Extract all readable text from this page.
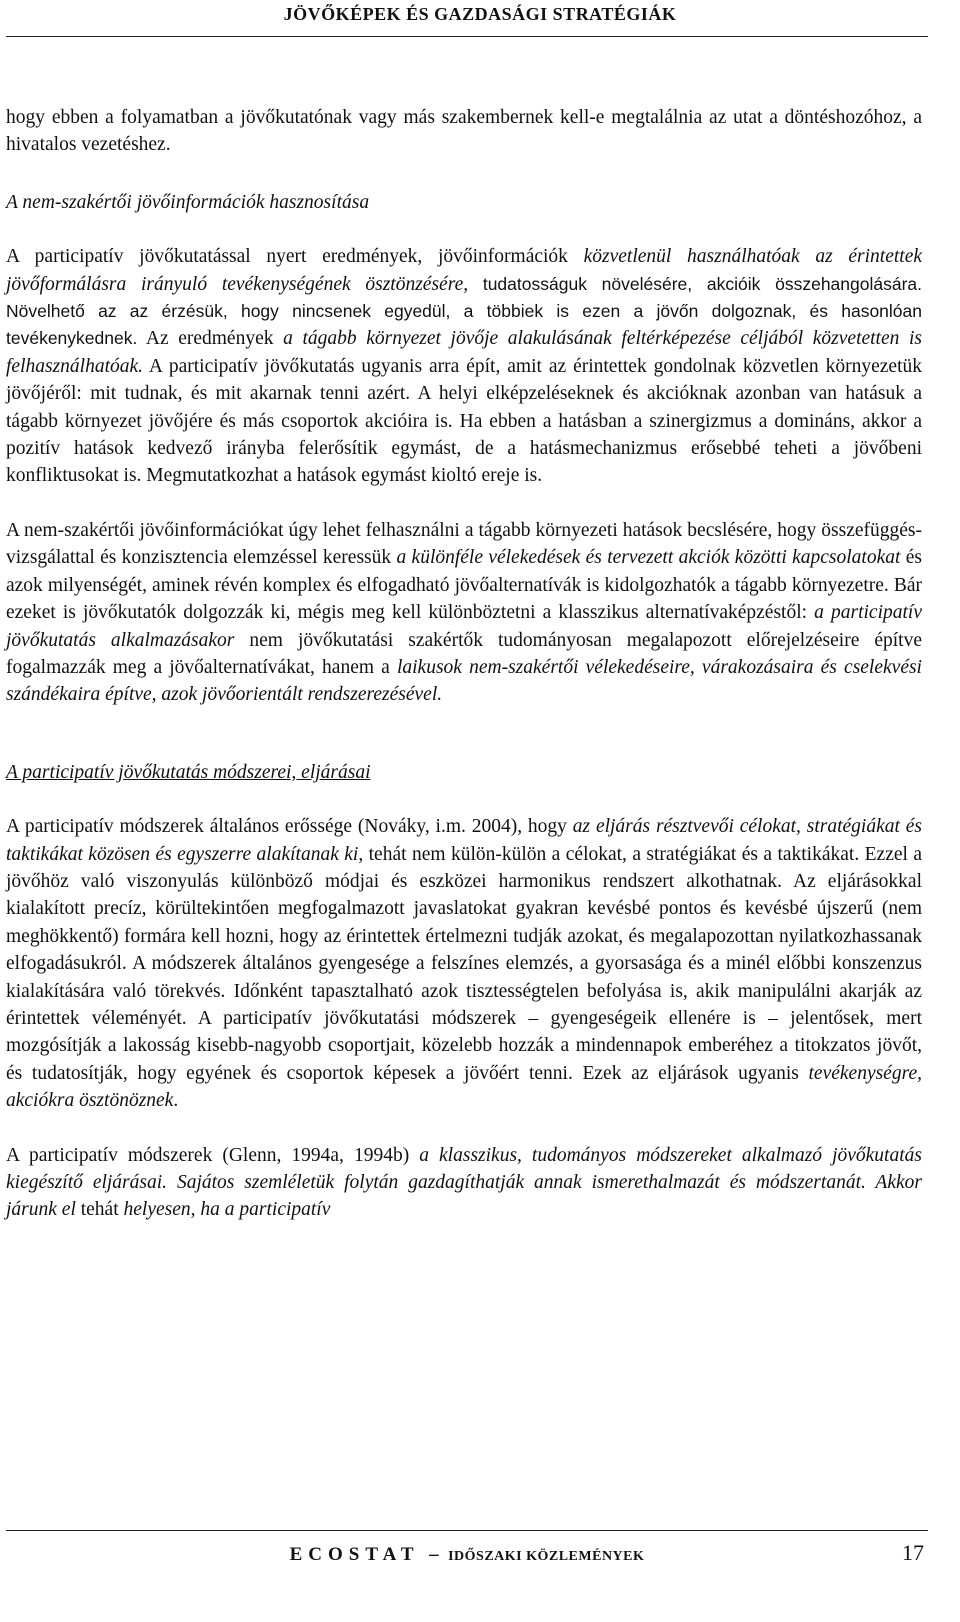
JÖVŐKÉPEK ÉS GAZDASÁGI STRATÉGIÁK

hogy ebben a folyamatban a jövőkutatónak vagy más szakembernek kell-e megtalálnia az utat a döntéshozóhoz, a hivatalos vezetéshez.

A nem-szakértői jövőinformációk hasznosítása

A participatív jövőkutatással nyert eredmények, jövőinformációk közvetlenül használhatóak az érintettek jövőformálásra irányuló tevékenységének ösztönzésére, tudatosságuk növelésére, akcióik összehangolására. Növelhető az az érzésük, hogy nincsenek egyedül, a többiek is ezen a jövőn dolgoznak, és hasonlóan tevékenykednek. Az eredmények a tágabb környezet jövője alakulásának feltérképezése céljából közvetetten is felhasználhatóak. A participatív jövőkutatás ugyanis arra épít, amit az érintettek gondolnak közvetlen környezetük jövőjéről: mit tudnak, és mit akarnak tenni azért. A helyi elképzeléseknek és akcióknak azonban van hatásuk a tágabb környezet jövőjére és más csoportok akcióira is. Ha ebben a hatásban a szinergizmus a domináns, akkor a pozitív hatások kedvező irányba felerősítik egymást, de a hatásmechanizmus erősebbé teheti a jövőbeni konfliktusokat is. Megmutatkozhat a hatások egymást kioltó ereje is.

A nem-szakértői jövőinformációkat úgy lehet felhasználni a tágabb környezeti hatások becslésére, hogy összefüggés-vizsgálattal és konzisztencia elemzéssel keressük a különféle vélekedések és tervezett akciók közötti kapcsolatokat és azok milyenségét, aminek révén komplex és elfogadható jövőalternatívák is kidolgozhatók a tágabb környezetre. Bár ezeket is jövőkutatók dolgozzák ki, mégis meg kell különböztetni a klasszikus alternatívaképzéstől: a participatív jövőkutatás alkalmazásakor nem jövőkutatási szakértők tudományosan megalapozott előrejelzéseire építve fogalmazzák meg a jövőalternatívákat, hanem a laikusok nem-szakértői vélekedéseire, várakozásaira és cselekvési szándékaira építve, azok jövőorientált rendszerezésével.

A participatív jövőkutatás módszerei, eljárásai

A participatív módszerek általános erőssége (Nováky, i.m. 2004), hogy az eljárás résztvevői célokat, stratégiákat és taktikákat közösen és egyszerre alakítanak ki, tehát nem külön-külön a célokat, a stratégiákat és a taktikákat. Ezzel a jövőhöz való viszonyulás különböző módjai és eszközei harmonikus rendszert alkothatnak. Az eljárásokkal kialakított precíz, körültekintően megfogalmazott javaslatokat gyakran kevésbé pontos és kevésbé újszerű (nem meghökkentő) formára kell hozni, hogy az érintettek értelmezni tudják azokat, és megalapozottan nyilatkozhassanak elfogadásukról. A módszerek általános gyengesége a felszínes elemzés, a gyorsasága és a minél előbbi konszenzus kialakítására való törekvés. Időnként tapasztalható azok tisztességtelen befolyása is, akik manipulálni akarják az érintettek véleményét. A participatív jövőkutatási módszerek – gyengeségeik ellenére is – jelentősek, mert mozgósítják a lakosság kisebb-nagyobb csoportjait, közelebb hozzák a mindennapok emberéhez a titokzatos jövőt, és tudatosítják, hogy egyének és csoportok képesek a jövőért tenni. Ezek az eljárások ugyanis tevékenységre, akciókra ösztönöznek.

A participatív módszerek (Glenn, 1994a, 1994b) a klasszikus, tudományos módszereket alkalmazó jövőkutatás kiegészítő eljárásai. Sajátos szemléletük folytán gazdagíthatják annak ismerethalmazát és módszertanát. Akkor járunk el tehát helyesen, ha a participatív

ECOSTAT – IDŐSZAKI KÖZLEMÉNYEK	17
